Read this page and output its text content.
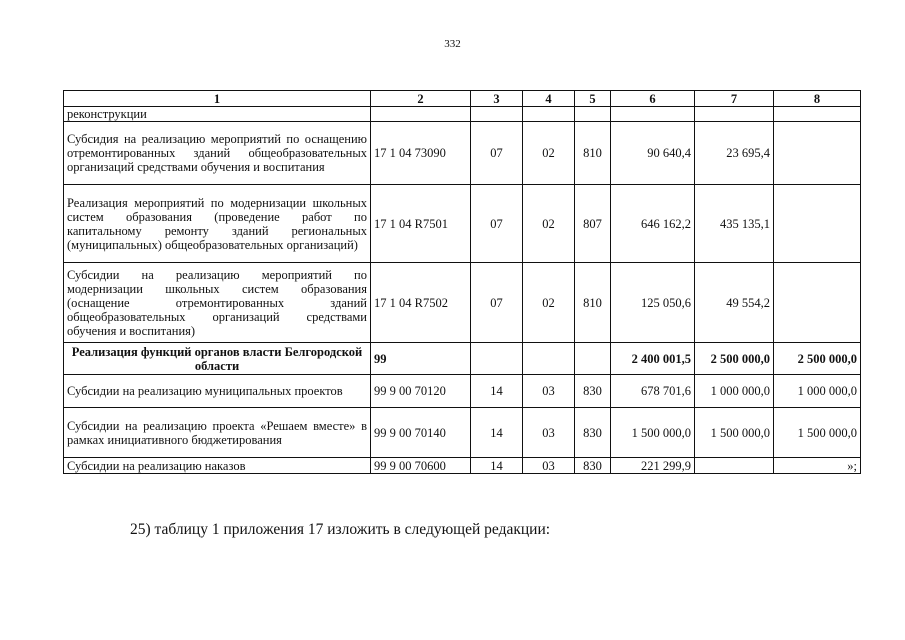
332
1	2	3	4	5	6	7	8
реконструкции							
Субсидия на реализацию мероприятий по оснащению отремонтированных зданий общеобразовательных организаций средствами обучения и воспитания	17 1 04 73090	07	02	810	90 640,4	23 695,4	
Реализация мероприятий по модернизации школьных систем образования (проведение работ по капитальному ремонту зданий региональных (муниципальных) общеобразовательных организаций)	17 1 04 R7501	07	02	807	646 162,2	435 135,1	
Субсидии на реализацию мероприятий по модернизации школьных систем образования (оснащение отремонтированных зданий общеобразовательных организаций средствами обучения и воспитания)	17 1 04 R7502	07	02	810	125 050,6	49 554,2	
Реализация функций органов власти Белгородской области	99				2 400 001,5	2 500 000,0	2 500 000,0
Субсидии на реализацию муниципальных проектов	99 9 00 70120	14	03	830	678 701,6	1 000 000,0	1 000 000,0
Субсидии на реализацию проекта «Решаем вместе» в рамках инициативного бюджетирования	99 9 00 70140	14	03	830	1 500 000,0	1 500 000,0	1 500 000,0
Субсидии на реализацию наказов	99 9 00 70600	14	03	830	221 299,9		»;
25) таблицу 1 приложения 17 изложить в следующей редакции:
